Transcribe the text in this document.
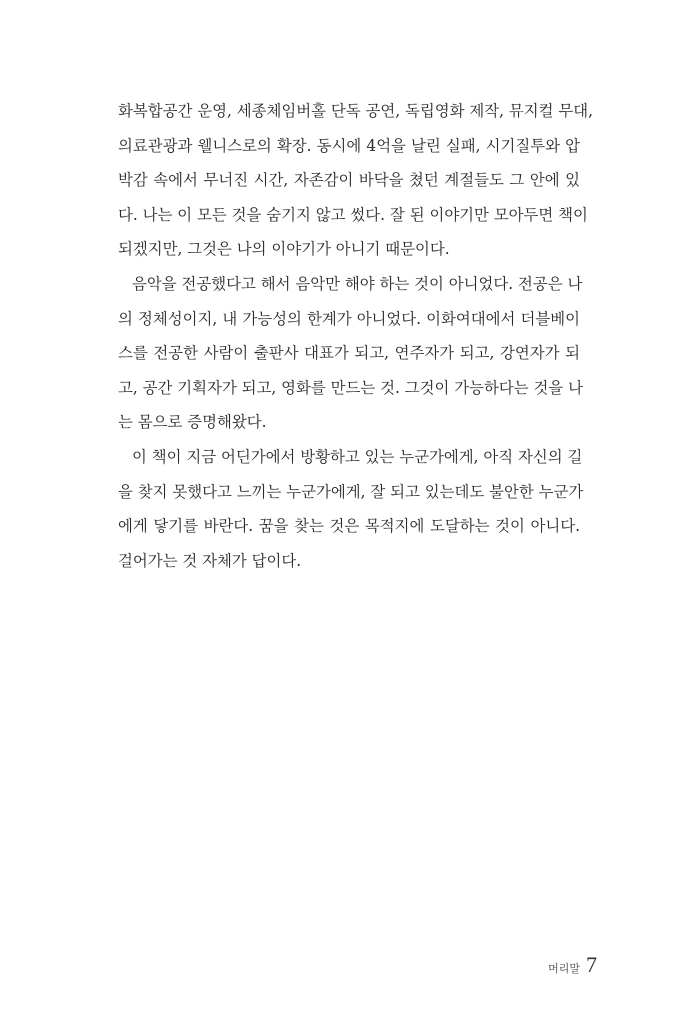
화복합공간 운영, 세종체임버홀 단독 공연, 독립영화 제작, 뮤지컬 무대,
의료관광과 웰니스로의 확장. 동시에 4억을 날린 실패, 시기질투와 압
박감 속에서 무너진 시간, 자존감이 바닥을 쳤던 계절들도 그 안에 있
다. 나는 이 모든 것을 숨기지 않고 썼다. 잘 된 이야기만 모아두면 책이
되겠지만, 그것은 나의 이야기가 아니기 때문이다.
음악을 전공했다고 해서 음악만 해야 하는 것이 아니었다. 전공은 나
의 정체성이지, 내 가능성의 한계가 아니었다. 이화여대에서 더블베이
스를 전공한 사람이 출판사 대표가 되고, 연주자가 되고, 강연자가 되
고, 공간 기획자가 되고, 영화를 만드는 것. 그것이 가능하다는 것을 나
는 몸으로 증명해왔다.
이 책이 지금 어딘가에서 방황하고 있는 누군가에게, 아직 자신의 길
을 찾지 못했다고 느끼는 누군가에게, 잘 되고 있는데도 불안한 누군가
에게 닿기를 바란다. 꿈을 찾는 것은 목적지에 도달하는 것이 아니다.
걸어가는 것 자체가 답이다.
머리말 7
